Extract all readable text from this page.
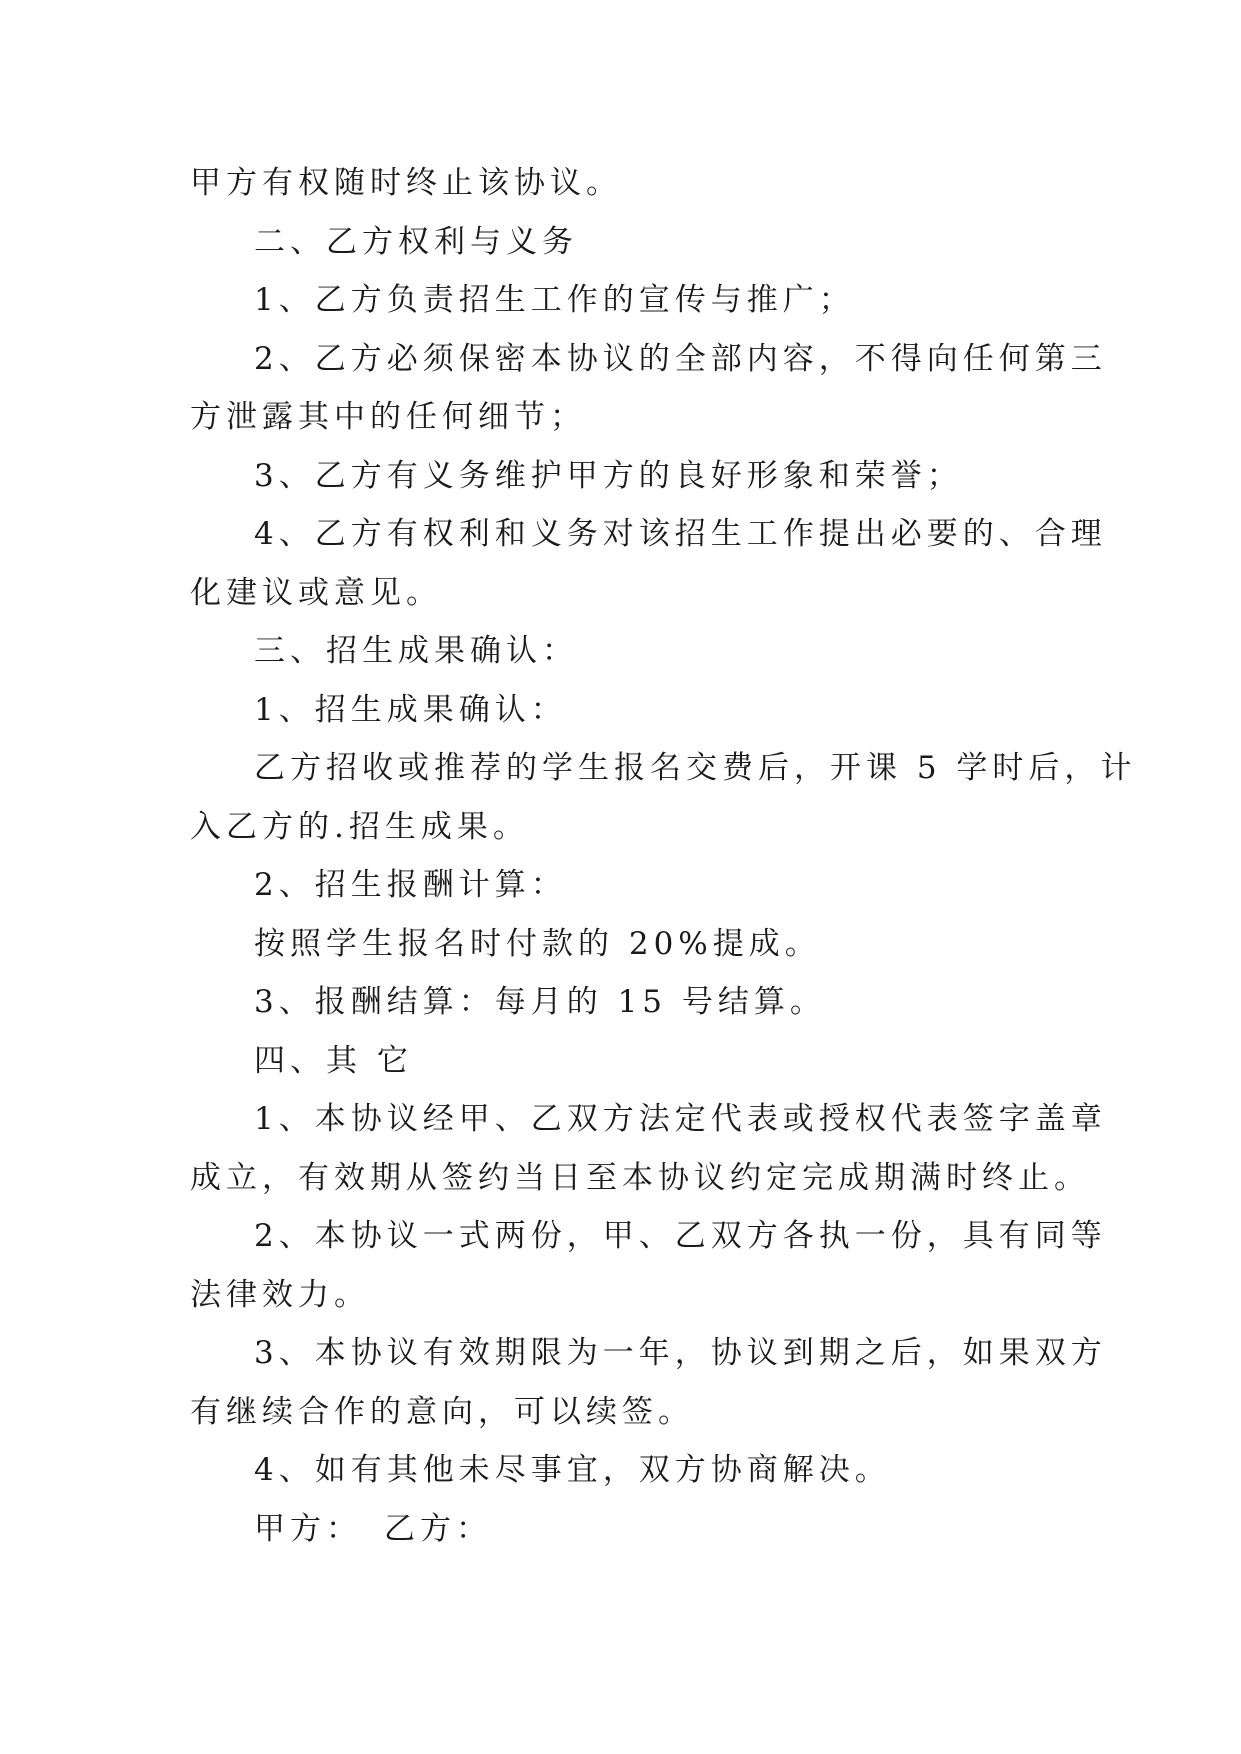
甲方有权随时终止该协议。
二、乙方权利与义务
1、乙方负责招生工作的宣传与推广；
2、乙方必须保密本协议的全部内容，不得向任何第三
方泄露其中的任何细节；
3、乙方有义务维护甲方的良好形象和荣誉；
4、乙方有权利和义务对该招生工作提出必要的、合理
化建议或意见。
三、招生成果确认：
1、招生成果确认：
乙方招收或推荐的学生报名交费后，开课 5 学时后，计
入乙方的.招生成果。
2、招生报酬计算：
按照学生报名时付款的 20%提成。
3、报酬结算：每月的 15 号结算。
四、其 它
1、本协议经甲、乙双方法定代表或授权代表签字盖章
成立，有效期从签约当日至本协议约定完成期满时终止。
2、本协议一式两份，甲、乙双方各执一份，具有同等
法律效力。
3、本协议有效期限为一年，协议到期之后，如果双方
有继续合作的意向，可以续签。
4、如有其他未尽事宜，双方协商解决。
甲方： 乙方：
